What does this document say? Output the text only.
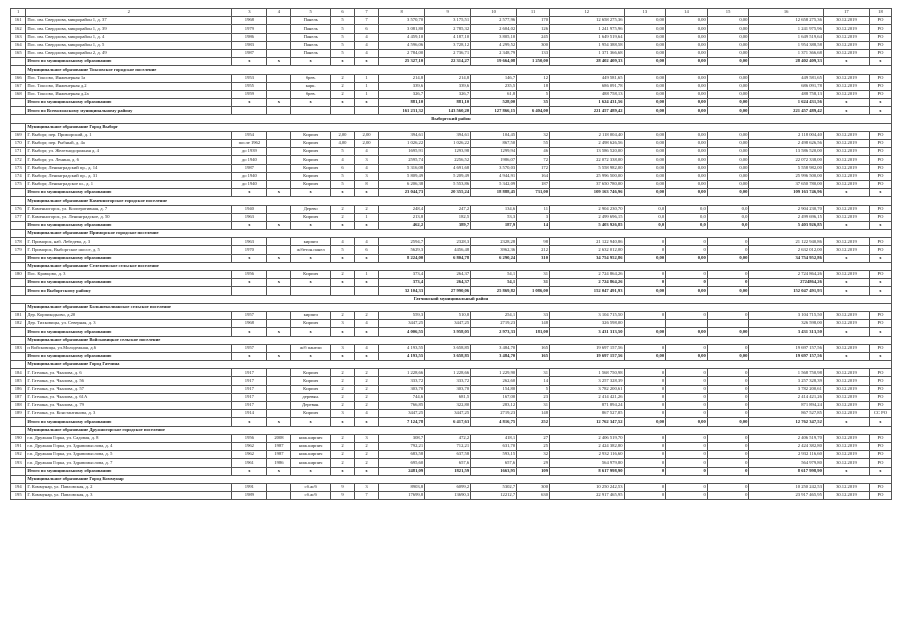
1	2	3	4	5	6	7	8	9	10	11	12	13	14	15	16	17	18
161	Пос. им. Свердлова, микрорайон 1, д. 37	1968		Панель	5	7	3 570,70	3 175,51	2 577,96	170	12 658 275,36	0,00	0,00	0,00	12 658 275,36	30.12.2019	РО
162	Пос. им. Свердлова, микрорайон 1, д. 39	1979		Панель	5	6	3 081,80	2 785,32	2 604,02	126	1 241 975,96	0,00	0,00	0,00	1 241 975,96	30.12.2019	РО
163	Пос. им. Свердлова, микрорайон 1, д. 4	1986		Панель	5	4	4 459,10	4 187,10	3 805,10	245	1 649 519,64	0,00	0,00	0,00	1 649 519,64	30.12.2019	РО
164	Пос. им. Свердлова, микрорайон 1, д. 5	1983		Панель	5	4	4 596,06	3 728,12	4 299,52	300	1 954 388,58	0,00	0,00	0,00	1 954 388,58	30.12.2019	РО
165	Пос. им. Свердлова, микрорайон 2, д. 49	1987		Панель	5	4	2 784,00	2 736,71	2 348,79	133	1 371 366,68	0,00	0,00	0,00	1 371 366,68	30.12.2019	РО
	Итого по муниципальному образованию	х	х	х	х	х	25 327,10	22 314,27	19 664,08	1 250,00	28 402 409,33	0,00	0,00	0,00	28 402 409,33	х	х
	Муниципальное образование Токсовское городское поселение																
166	Пос. Токсово, Инженерная 1а	1953		брев.	2	1	214,8	214,8	146,7	12	449 581,65	0,00	0,00	0,00	449 581,65	30.12.2019	РО
167	Пос. Токсово, Инженерная д.2	1955		карк.	2	1	339,6	339,6	235,5	18	686 091,78	0,00	0,00	0,00	686 091,78	30.12.2019	РО
168	Пос. Токсово, Инженерная д.2а	1959		брев.	2	1	326,7	326,7	61,8	5	488 758,13	0,00	0,00	0,00	488 758,13	30.12.2019	РО
	Итого по муниципальному образованию	х	х	х	х	х	881,10	881,10	528,00	35	1 624 431,56	0,00	0,00	0,00	1 624 431,56	х	х
	Итого по Всеволожскому муниципальному району						161 231,32	143 560,20	127 866,15	6 404,00	221 457 489,42	0,00	0,00	0,00	221 457 489,42	х	х
Выборгский район																	
	Муниципальное образование Город Выборг																
169	Г. Выборг, пер. Приморский, д. 1	1954		Кирпич	2,00	2,00	394,61	394,61	104,45	32	2 118 004,40	0,00	0,00	0,00	2 118 004,40	30.12.2019	РО
170	Г. Выборг, пер. Рыбный, д. 4а	после 1962		Кирпич	4,00	2,00	1 026,22	1 026,22	867,50	55	2 498 626,56	0,00	0,00	0,00	2 498 626,56	30.12.2019	РО
171	Г. Выборг, ул. Железнодорожная д. 4	до 1939		Кирпич	5	4	1695,91	1293,98	1299,94	46	13 586 520,00	0,00	0,00	0,00	13 586 520,00	30.12.2019	РО
172	Г. Выборг, ул. Ленина, д. 6	до 1940		Кирпич	4	3	2595,74	2256,52	1986,07	72	22 072 338,00	0,00	0,00	0,00	22 072 338,00	30.12.2019	РО
173	Г. Выборг, Ленинградский пр., д. 14	1987		Кирпич	6	4	5 316,08	4 691,68	3 570,03	172	5 558 982,00	0,00	0,00	0,00	5 558 982,00	30.12.2019	РО
174	Г. Выборг, Ленинградский пр., д. 31	до 1940		Кирпич	5	3	5 809,49	5 209,49	4 944,91	164	25 996 500,00	0,00	0,00	0,00	25 996 500,00	30.12.2019	РО
175	Г. Выборг, Ленинградское ш., д. 1	до 1940		Кирпич	5	8	6 206,38	5 553,86	5 342,09	187	37 650 780,00	0,00	0,00	0,00	37 650 780,00	30.12.2019	РО
	Итого по муниципальному образованию	х	х	х	х	х	23 044,73	20 355,24	18 888,45	731,00	109 163 746,96	0,00	0,00	0,00	109 163 746,96	х	х
	Муниципальное образование Каменногорское городское поселение																
176	Г. Каменногорск, ул. Кооперативная, д. 7	1940		Дерево	2	2	248,4	247,2	134,6	11	2 904 230,70	0,0	0,0	0,0	2 904 230,70	30.12.2019	РО
177	Г. Каменногорск, ул. Ленинградское, д. 50	1963		Кирпич	2	1	213,8	182,5	53,3	3	2 499 696,15	0,0	0,0	0,0	2 499 696,15	30.12.2019	РО
	Итого по муниципальному образованию	х	х	х	х	х	462,2	389,7	187,9	14	5 403 926,85	0,0	0,0	0,0	5 403 926,85	х	х
	Муниципальное образование Приморское городское поселение																
178	Г. Приморск, наб. Лебедева, д. 3	1963		кирпич	4	4	2594,7	2328,3	2328,28	98	21 122 940,86	0	0	0	21 122 940,86	30.12.2019	РО
179	Г. Приморск, Выборгское шоссе, д. 5	1970		ж/бетон.панел	5	6	5629,3	4456,48	3962,36	212	2 632 012,00	0	0	0	2 632 012,00	30.12.2019	РО
	Итого по муниципальному образованию	х	х	х	х	х	8 224,00	6 804,78	6 290,24	310	34 754 952,86	0,00	0,00	0,00	34 754 952,86	х	х
	Муниципальное образование Селезневское сельское поселение																
180	Пос. Кравцово, д. 3	1956		Кирпич	2	1	373,4	264,37	54,1	31	2 724 864,26	0	0	0	2 724 864,26	30.12.2019	РО
	Итого по муниципальному образованию	х	х	х	х	х	373,4	264,37	54,1	31	2 724 864,26	0	0	0	2724864,26	х	х
	Итого по Выборгскому району						32 104,33	27 990,06	25 869,82	1 086,00	152 047 491,93	0,00	0,00	0,00	152 047 491,93	х	х
Гатчинский муниципальный район																	
	Муниципальное образование Большеколпанское сельское поселение																
181	Дер. Корпикодьово, д.20	1957		кирпич	2	2	559,3	510,8	254,1	33	3 104 715,50	0	0	0	3 104 715,50	30.12.2019	РО
182	Дер. Тихковицы, ул. Северная, д. 3	1968		Кирпич	3	4	3447,25	3447,25	2719,23	148	326 598,00				326 598,00	30.12.2019	РО
	Итого по муниципальному образованию	х	х	х	х	х	4 006,55	3 958,05	2 973,33	181,00	3 431 313,50	0,00	0,00	0,00	3 431 313,50	х	х
	Муниципальное образование Войсковицкое сельское поселение																
183	п Войсковицы, ул.Молодежная, д.6	1957		ж/б панели	3	4	4 193,55	3 658,85	3 484,70	165	19 697 157,56	0	0	0	19 697 157,56	30.12.2019	РО
	Итого по муниципальному образованию	х	х	х	х	х	4 193,55	3 658,85	3 484,70	165	19 697 157,56	0,00	0,00	0,00	19 697 157,56	х	х
	Муниципальное образование Город Гатчина																
184	Г. Гатчина, ул. Чкалова, д. 6	1917		Кирпич	2	2	1 228,66	1 228,66	1 229,90	31	1 568 750,98	0	0	0	1 568 750,98	30.12.2019	РО
185	Г. Гатчина, ул. Чкалова, д. 56	1917		Кирпич	2	2	333,72	333,72	262,60	14	3 257 328,39	0	0	0	3 257 328,39	30.12.2019	РО
186	Г. Гатчина, ул. Чкалова, д. 57	1917		Кирпич	2	2	303,70	303,70	154,80	5	3 782 200,61	0	0	0	3 782 200,61	30.12.2019	РО
187	Г. Гатчина, ул. Чкалова, д. 61А	1917		деревян.	2	2	744,6	681,5	167,00	23	2 414 421,26	0	0	0	2 414 421,26	30.12.2019	РО
188	Г. Гатчина, ул. Чкалова, д. 79	1917		Деревян.	2	2	766,85	322,80	283,12	31	871 894,24	0	0	0	871 894,24	30.12.2019	РО
189	Г. Гатчина, ул. Константинова, д. 3	1914		Кирпич	3	4	3447,25	3447,25	2719,23	148	867 527,85	0	0	0	867 527,85	30.12.2019	СС РО
	Итого по муниципальному образованию	х	х	х	х	х	7 124,78	6 417,63	4 816,75	252	12 762 347,52	0,00	0,00	0,00	12 762 347,52	х	х
	Муниципальное образование Дружногорское городское поселение																
190	г.п. Дружная Горка, ул. Садовая, д. 8	1956	2008	ниж.кирпич	2	3	308,7	472,2	418,1	27	2 406 519,70	0	0	0	2 406 519,70	30.12.2019	РО
191	г.п. Дружная Горка, ул. Здравомыслова, д. 4	1962	1987	ниж.кирпич	2	2	792,21	712,21	631,70	25	2 424 382,80	0	0	0	2 424 382,80	30.12.2019	РО
192	г.п. Дружная Горка, ул. Здравомыслова, д. 5	1962	1987	ниж.кирпич	2	2	683,58	637,58	593,15	32	2 932 116,60	0	0	0	2 932 116,60	30.12.2019	РО
193	г.п. Дружная Горка, ул. Здравомыслова, д. 7	1961	1986	ниж.кирпич	2	2	695,60	657,6	657,6	29	564 979,80	0	0	0	564 979,80	30.12.2019	РО
	Итого по муниципальному образованию	х	х	х	х	х	2481,09	1821,59	1663,95	109	8 617 998,90	0	0	0	8 617 998,90	х	х
	Муниципальное образование Город Коммунар																
194	Г. Коммунар, ул. Павловская, д. 2	1991		сб.ж/б	9	3	8903,8	6099,2	5302,7	300	10 250 242,53	0	0	0	10 250 242,53	30.12.2019	РО
195	Г. Коммунар, ул. Павловская, д. 3	1989		сб.ж/б	9	7	17699,8	13690,3	12212,7	630	22 917 465,95	0	0	0	23 917 465,95	30.12.2019	РО
